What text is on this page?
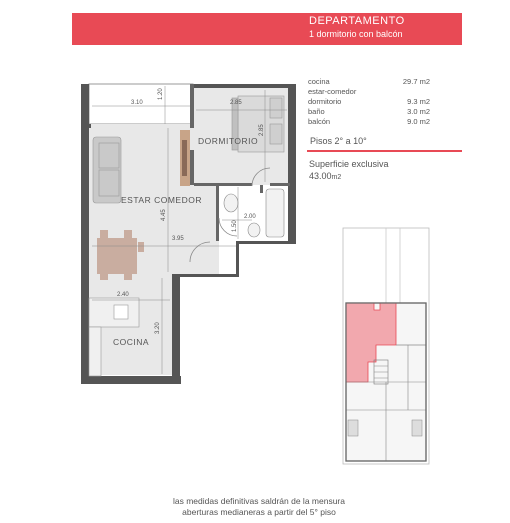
DEPARTAMENTO
1 dormitorio con balcón
cocina	29.7 m2
estar-comedor
dormitorio	9.3 m2
baño	3.0 m2
balcón	9.0 m2
Pisos 2° a 10°
Superficie exclusiva
43.00m2
3.10
1.20
2.85
2.85
2.00
1.50
4.45
3.95
2.40
3.20
DORMITORIO
ESTAR COMEDOR
COCINA
las medidas definitivas saldrán de la mensura
aberturas medianeras a partir del 5° piso
